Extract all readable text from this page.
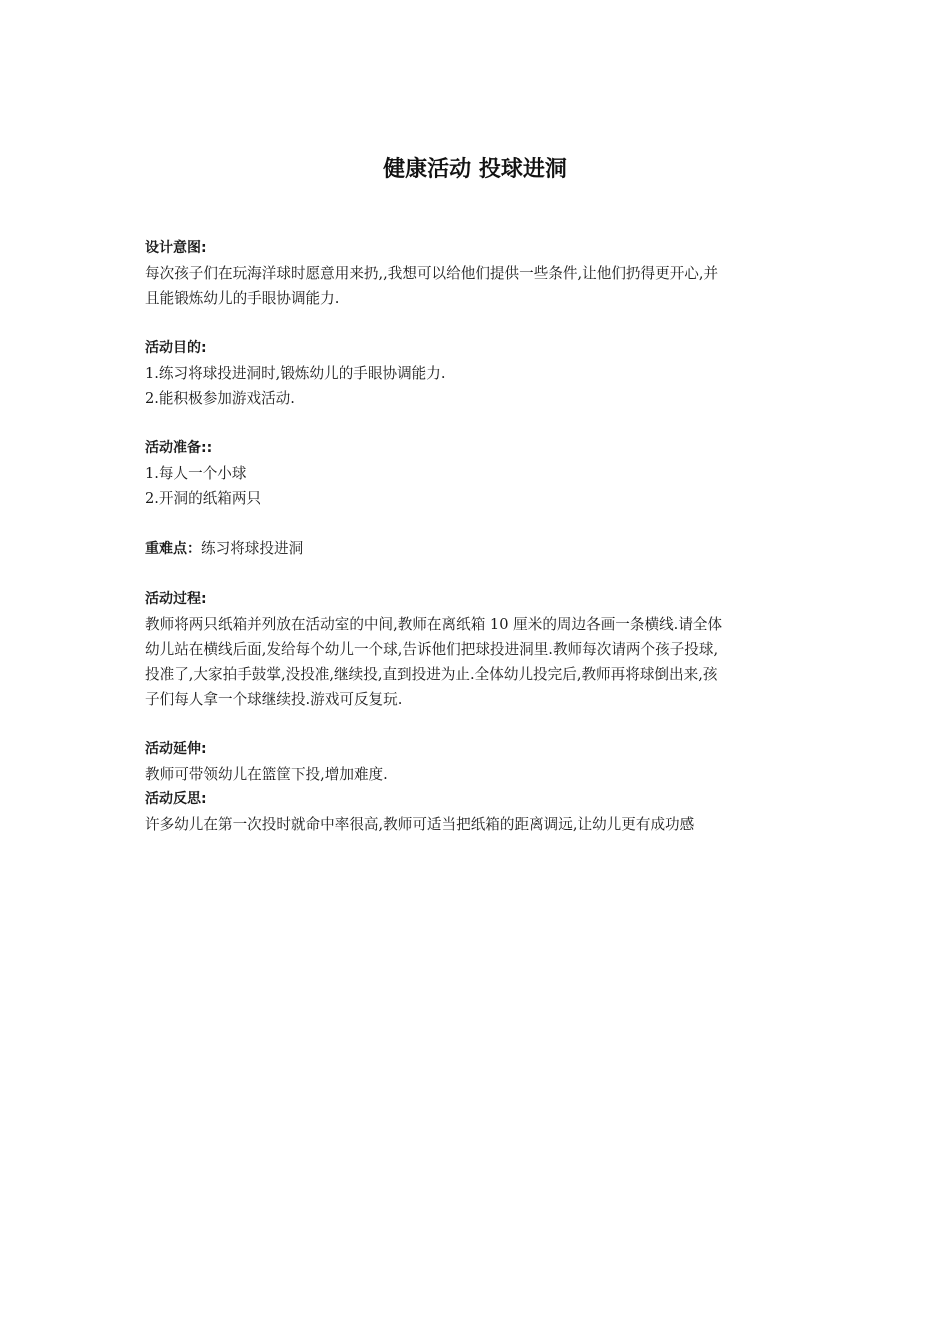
健康活动 投球进洞
设计意图:
每次孩子们在玩海洋球时愿意用来扔,,我想可以给他们提供一些条件,让他们扔得更开心,并
且能锻炼幼儿的手眼协调能力.
活动目的:
1.练习将球投进洞时,锻炼幼儿的手眼协调能力.
2.能积极参加游戏活动.
活动准备::
1.每人一个小球
2.开洞的纸箱两只
重难点：练习将球投进洞
活动过程:
教师将两只纸箱并列放在活动室的中间,教师在离纸箱 10 厘米的周边各画一条横线.请全体
幼儿站在横线后面,发给每个幼儿一个球,告诉他们把球投进洞里.教师每次请两个孩子投球,
投准了,大家拍手鼓掌,没投准,继续投,直到投进为止.全体幼儿投完后,教师再将球倒出来,孩
子们每人拿一个球继续投.游戏可反复玩.
活动延伸:
教师可带领幼儿在篮筐下投,增加难度.
活动反思:
许多幼儿在第一次投时就命中率很高,教师可适当把纸箱的距离调远,让幼儿更有成功感
